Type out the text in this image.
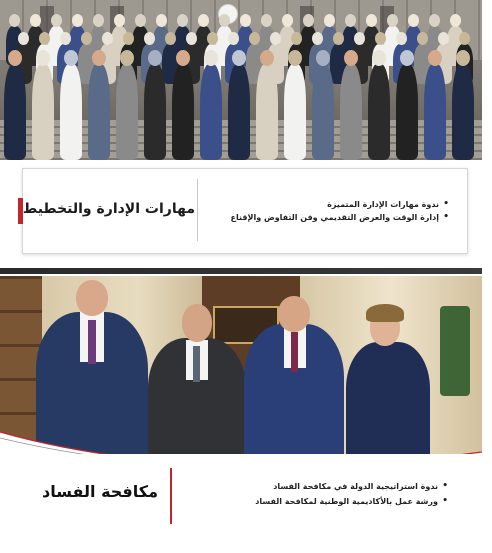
مهارات الإدارة والتخطيط	• ندوة مهارات الإدارة المتميزة
• إدارة الوقت والعرض التقديمي وفن التفاوض والإقناع
مكافحة الفساد	• ندوة استراتيجية الدولة في مكافحة الفساد
• ورشة عمل بالأكاديمية الوطنية لمكافحة الفساد
